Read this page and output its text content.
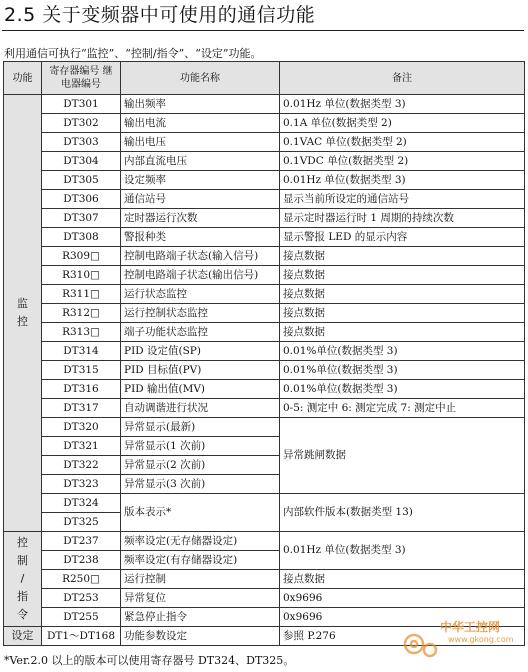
2.5 关于变频器中可使用的通信功能
利用通信可执行“监控”、“控制/指令”、“设定”功能。
功能	寄存器编号 继电器编号	功能名称	备注
监
控	DT301	输出频率	0.01Hz 单位(数据类型 3)
	DT302	输出电流	0.1A 单位(数据类型 2)
	DT303	输出电压	0.1VAC 单位(数据类型 2)
	DT304	内部直流电压	0.1VDC 单位(数据类型 2)
	DT305	设定频率	0.01Hz 单位(数据类型 3)
	DT306	通信站号	显示当前所设定的通信站号
	DT307	定时器运行次数	显示定时器运行时 1 周期的持续次数
	DT308	警报种类	显示警报 LED 的显示内容
	R309□	控制电路端子状态(输入信号)	接点数据
	R310□	控制电路端子状态(输出信号)	接点数据
	R311□	运行状态监控	接点数据
	R312□	运行控制状态监控	接点数据
	R313□	端子功能状态监控	接点数据
	DT314	PID 设定值(SP)	0.01%单位(数据类型 3)
	DT315	PID 目标值(PV)	0.01%单位(数据类型 3)
	DT316	PID 输出值(MV)	0.01%单位(数据类型 3)
	DT317	自动调谐进行状况	0-5: 测定中 6: 测定完成 7: 测定中止
	DT320	异常显示(最新)	异常跳闸数据
	DT321	异常显示(1 次前)	
	DT322	异常显示(2 次前)	
	DT323	异常显示(3 次前)	
	DT324	版本表示*	内部软件版本(数据类型 13)
	DT325		
控
制
/
指
令	DT237	频率设定(无存储器设定)	0.01Hz 单位(数据类型 3)
	DT238	频率设定(有存储器设定)	
	R250□	运行控制	接点数据
	DT253	异常复位	0x9696
	DT255	紧急停止指令	0x9696
设定	DT1～DT168	功能参数设定	参照 P.276
*Ver.2.0 以上的版本可以使用寄存器号 DT324、DT325。
中华工控网
www.gkong.com
